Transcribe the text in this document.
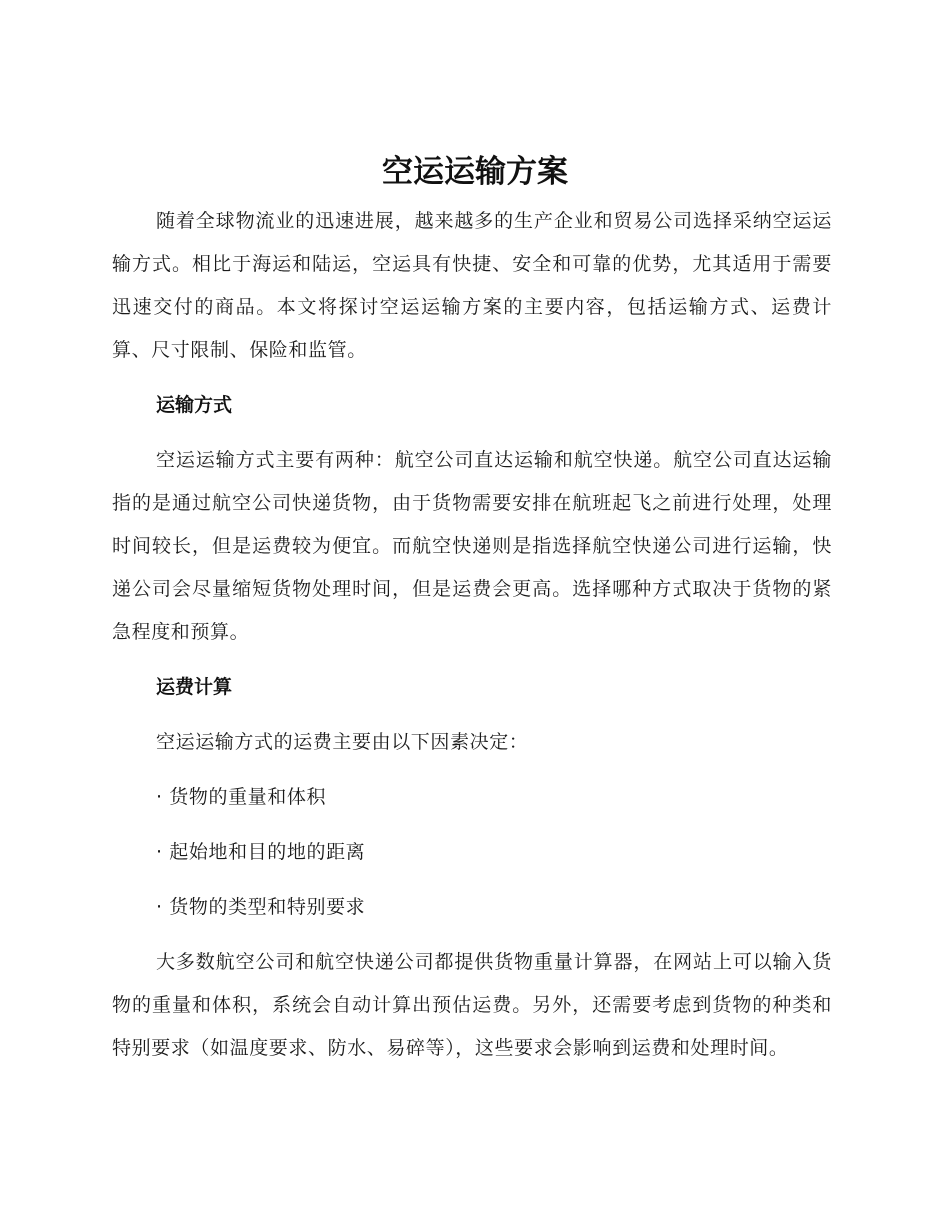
空运运输方案

随着全球物流业的迅速进展，越来越多的生产企业和贸易公司选择采纳空运运输方式。相比于海运和陆运，空运具有快捷、安全和可靠的优势，尤其适用于需要迅速交付的商品。本文将探讨空运运输方案的主要内容，包括运输方式、运费计算、尺寸限制、保险和监管。

运输方式

空运运输方式主要有两种：航空公司直达运输和航空快递。航空公司直达运输指的是通过航空公司快递货物，由于货物需要安排在航班起飞之前进行处理，处理时间较长，但是运费较为便宜。而航空快递则是指选择航空快递公司进行运输，快递公司会尽量缩短货物处理时间，但是运费会更高。选择哪种方式取决于货物的紧急程度和预算。

运费计算
空运运输方式的运费主要由以下因素决定：
· 货物的重量和体积
· 起始地和目的地的距离
· 货物的类型和特别要求

大多数航空公司和航空快递公司都提供货物重量计算器，在网站上可以输入货物的重量和体积，系统会自动计算出预估运费。另外，还需要考虑到货物的种类和特别要求（如温度要求、防水、易碎等），这些要求会影响到运费和处理时间。
